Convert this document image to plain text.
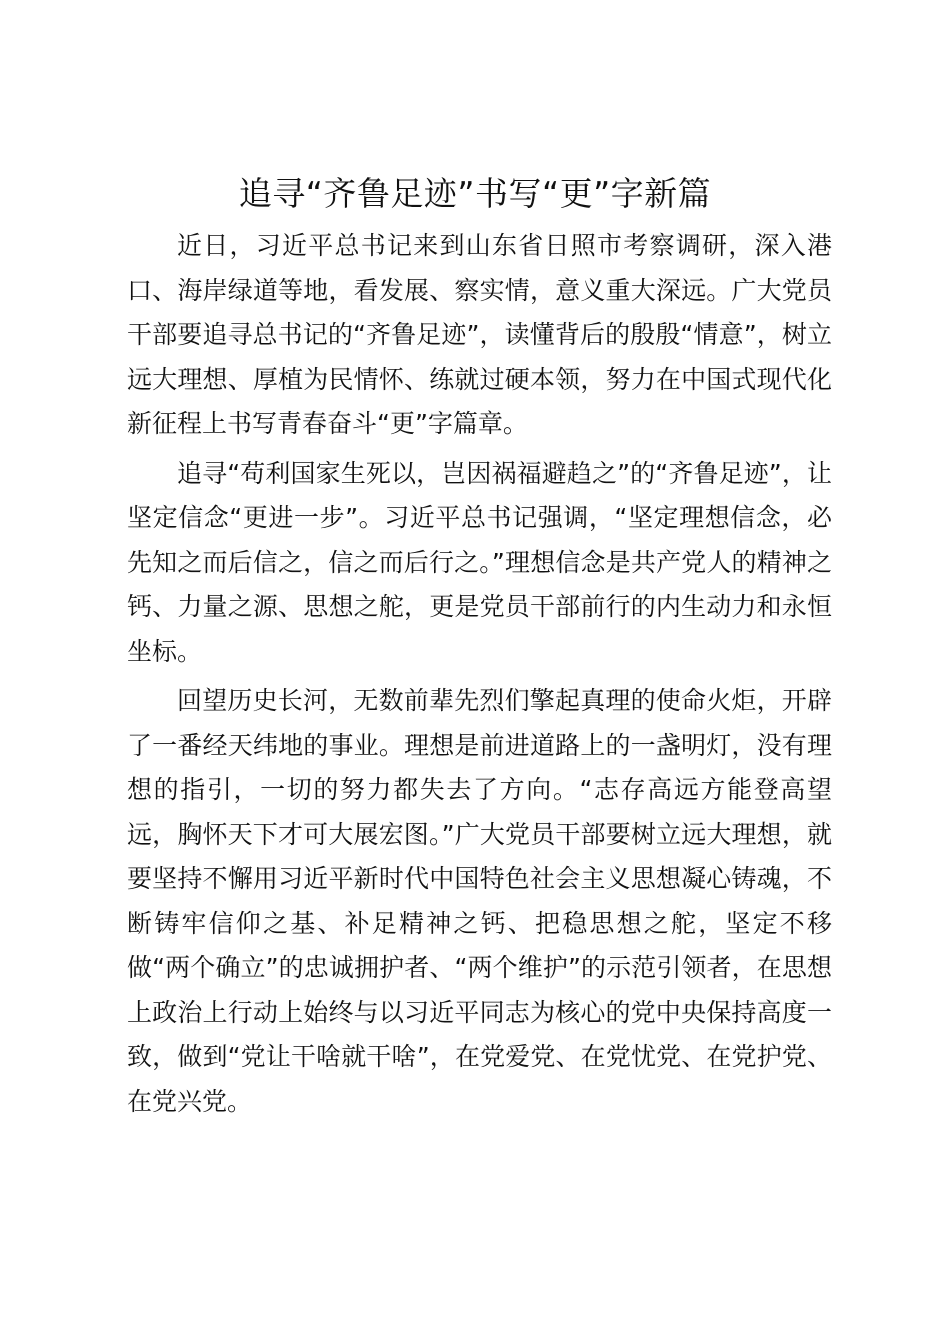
追寻“齐鲁足迹”书写“更”字新篇

近日，习近平总书记来到山东省日照市考察调研，深入港口、海岸绿道等地，看发展、察实情，意义重大深远。广大党员干部要追寻总书记的“齐鲁足迹”，读懂背后的殷殷“情意”，树立远大理想、厚植为民情怀、练就过硬本领，努力在中国式现代化新征程上书写青春奋斗“更”字篇章。

追寻“苟利国家生死以，岂因祸福避趋之”的“齐鲁足迹”，让坚定信念“更进一步”。习近平总书记强调，“坚定理想信念，必先知之而后信之，信之而后行之。”理想信念是共产党人的精神之钙、力量之源、思想之舵，更是党员干部前行的内生动力和永恒坐标。

回望历史长河，无数前辈先烈们擎起真理的使命火炬，开辟了一番经天纬地的事业。理想是前进道路上的一盏明灯，没有理想的指引，一切的努力都失去了方向。“志存高远方能登高望远，胸怀天下才可大展宏图。”广大党员干部要树立远大理想，就要坚持不懈用习近平新时代中国特色社会主义思想凝心铸魂，不断铸牢信仰之基、补足精神之钙、把稳思想之舵，坚定不移做“两个确立”的忠诚拥护者、“两个维护”的示范引领者，在思想上政治上行动上始终与以习近平同志为核心的党中央保持高度一致，做到“党让干啥就干啥”，在党爱党、在党忧党、在党护党、在党兴党。
